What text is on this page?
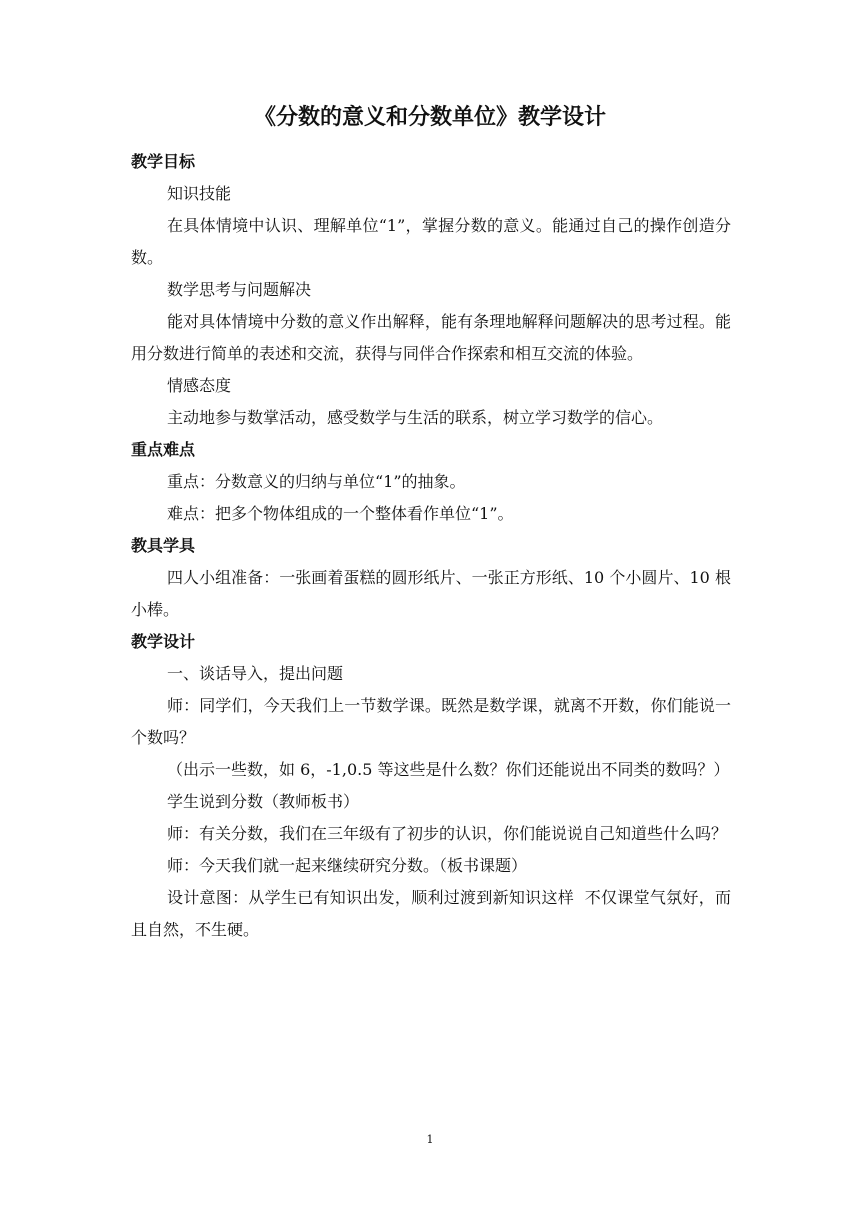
《分数的意义和分数单位》教学设计
教学目标

知识技能

在具体情境中认识、理解单位“1”，掌握分数的意义。能通过自己的操作创造分数。

数学思考与问题解决

能对具体情境中分数的意义作出解释，能有条理地解释问题解决的思考过程。能用分数进行简单的表述和交流，获得与同伴合作探索和相互交流的体验。

情感态度

主动地参与数掌活动，感受数学与生活的联系，树立学习数学的信心。

重点难点

重点：分数意义的归纳与单位“1”的抽象。

难点：把多个物体组成的一个整体看作单位“1”。

教具学具

四人小组准备：一张画着蛋糕的圆形纸片、一张正方形纸、10 个小圆片、10 根小棒。

教学设计

一、谈话导入，提出问题

师：同学们，今天我们上一节数学课。既然是数学课，就离不开数，你们能说一个数吗？

（出示一些数，如 6，-1,0.5 等这些是什么数？你们还能说出不同类的数吗？）

学生说到分数（教师板书）

师：有关分数，我们在三年级有了初步的认识，你们能说说自己知道些什么吗？

师：今天我们就一起来继续研究分数。（板书课题）

设计意图：从学生已有知识出发，顺利过渡到新知识这样  不仅课堂气氛好，而且自然，不生硬。

1
